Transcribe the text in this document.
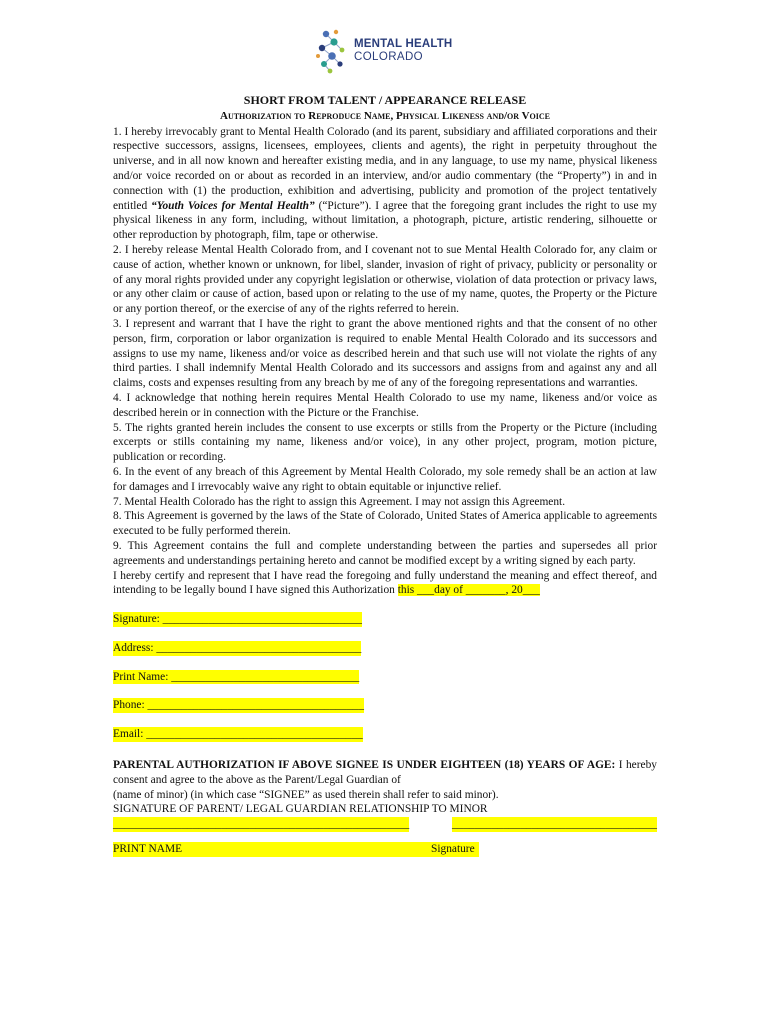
MENTAL HEALTH
COLORADO
SHORT FROM TALENT / APPEARANCE RELEASE
Authorization to Reproduce Name, Physical Likeness and/or Voice

1. I hereby irrevocably grant to Mental Health Colorado (and its parent, subsidiary and affiliated corporations and their respective successors, assigns, licensees, employees, clients and agents), the right in perpetuity throughout the universe, and in all now known and hereafter existing media, and in any language, to use my name, physical likeness and/or voice recorded on or about as recorded in an interview, and/or audio commentary (the “Property”) in and in connection with (1) the production, exhibition and advertising, publicity and promotion of the project tentatively entitled “Youth Voices for Mental Health” (“Picture”). I agree that the foregoing grant includes the right to use my physical likeness in any form, including, without limitation, a photograph, picture, artistic rendering, silhouette or other reproduction by photograph, film, tape or otherwise.

2. I hereby release Mental Health Colorado from, and I covenant not to sue Mental Health Colorado for, any claim or cause of action, whether known or unknown, for libel, slander, invasion of right of privacy, publicity or personality or of any moral rights provided under any copyright legislation or otherwise, violation of data protection or privacy laws, or any other claim or cause of action, based upon or relating to the use of my name, quotes, the Property or the Picture or any portion thereof, or the exercise of any of the rights referred to herein.

3. I represent and warrant that I have the right to grant the above mentioned rights and that the consent of no other person, firm, corporation or labor organization is required to enable Mental Health Colorado and its successors and assigns to use my name, likeness and/or voice as described herein and that such use will not violate the rights of any third parties. I shall indemnify Mental Health Colorado and its successors and assigns from and against any and all claims, costs and expenses resulting from any breach by me of any of the foregoing representations and warranties.

4. I acknowledge that nothing herein requires Mental Health Colorado to use my name, likeness and/or voice as described herein or in connection with the Picture or the Franchise.

5. The rights granted herein includes the consent to use excerpts or stills from the Property or the Picture (including excerpts or stills containing my name, likeness and/or voice), in any other project, program, motion picture, publication or recording.

6. In the event of any breach of this Agreement by Mental Health Colorado, my sole remedy shall be an action at law for damages and I irrevocably waive any right to obtain equitable or injunctive relief.

7. Mental Health Colorado has the right to assign this Agreement. I may not assign this Agreement.

8. This Agreement is governed by the laws of the State of Colorado, United States of America applicable to agreements executed to be fully performed therein.

9. This Agreement contains the full and complete understanding between the parties and supersedes all prior agreements and understandings pertaining hereto and cannot be modified except by a writing signed by each party.

I hereby certify and represent that I have read the foregoing and fully understand the meaning and effect thereof, and intending to be legally bound I have signed this Authorization this ___day of _______, 20___

Signature: ___________________________________
Address: ____________________________________
Print Name: _________________________________
Phone: ______________________________________
Email: ______________________________________
PARENTAL AUTHORIZATION IF ABOVE SIGNEE IS UNDER EIGHTEEN (18) YEARS OF AGE: I hereby consent and agree to the above as the Parent/Legal Guardian of
(name of minor) (in which case “SIGNEE” as used therein shall refer to said minor).
SIGNATURE OF PARENT/ LEGAL GUARDIAN RELATIONSHIP TO MINOR
____________________________________________________	____________________________________
PRINT NAME	Signature
